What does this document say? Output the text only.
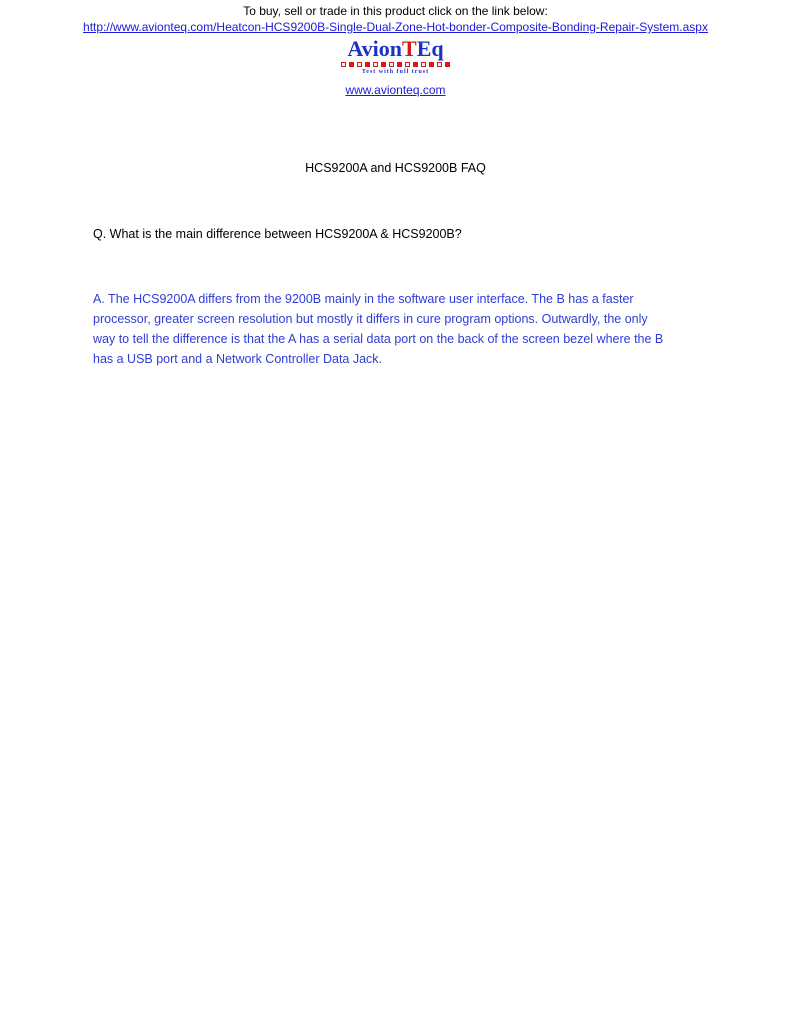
To buy, sell or trade in this product click on the link below:
http://www.avionteq.com/Heatcon-HCS9200B-Single-Dual-Zone-Hot-bonder-Composite-Bonding-Repair-System.aspx
AvionTEq

Test with full trust
www.avionteq.com
HCS9200A and HCS9200B FAQ
Q. What is the main difference between HCS9200A & HCS9200B?
A. The HCS9200A differs from the 9200B mainly in the software user interface. The B has a faster
processor, greater screen resolution but mostly it differs in cure program options. Outwardly, the only
way to tell the difference is that the A has a serial data port on the back of the screen bezel where the B
has a USB port and a Network Controller Data Jack.
